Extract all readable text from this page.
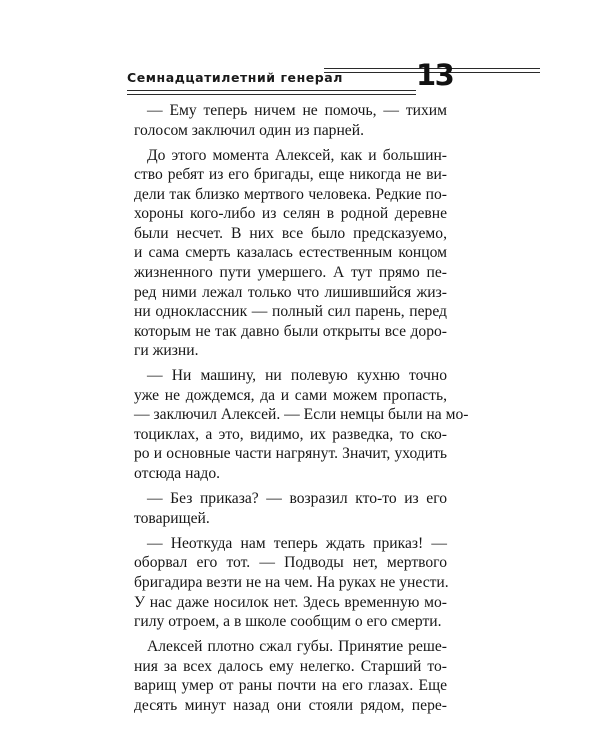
Семнадцатилетний генерал	13
— Ему теперь ничем не помочь, — тихим
голосом заключил один из парней.
До этого момента Алексей, как и большин-
ство ребят из его бригады, еще никогда не ви-
дели так близко мертвого человека. Редкие по-
хороны кого-либо из селян в родной деревне
были несчет. В них все было предсказуемо,
и сама смерть казалась естественным концом
жизненного пути умершего. А тут прямо пе-
ред ними лежал только что лишившийся жиз-
ни одноклассник — полный сил парень, перед
которым не так давно были открыты все доро-
ги жизни.
— Ни машину, ни полевую кухню точно
уже не дождемся, да и сами можем пропасть,
— заключил Алексей. — Если немцы были на мо-
тоциклах, а это, видимо, их разведка, то ско-
ро и основные части нагрянут. Значит, уходить
отсюда надо.
— Без приказа? — возразил кто-то из его
товарищей.
— Неоткуда нам теперь ждать приказ! —
оборвал его тот. — Подводы нет, мертвого
бригадира везти не на чем. На руках не унести.
У нас даже носилок нет. Здесь временную мо-
гилу отроем, а в школе сообщим о его смерти.
Алексей плотно сжал губы. Принятие реше-
ния за всех далось ему нелегко. Старший то-
варищ умер от раны почти на его глазах. Еще
десять минут назад они стояли рядом, пере-
